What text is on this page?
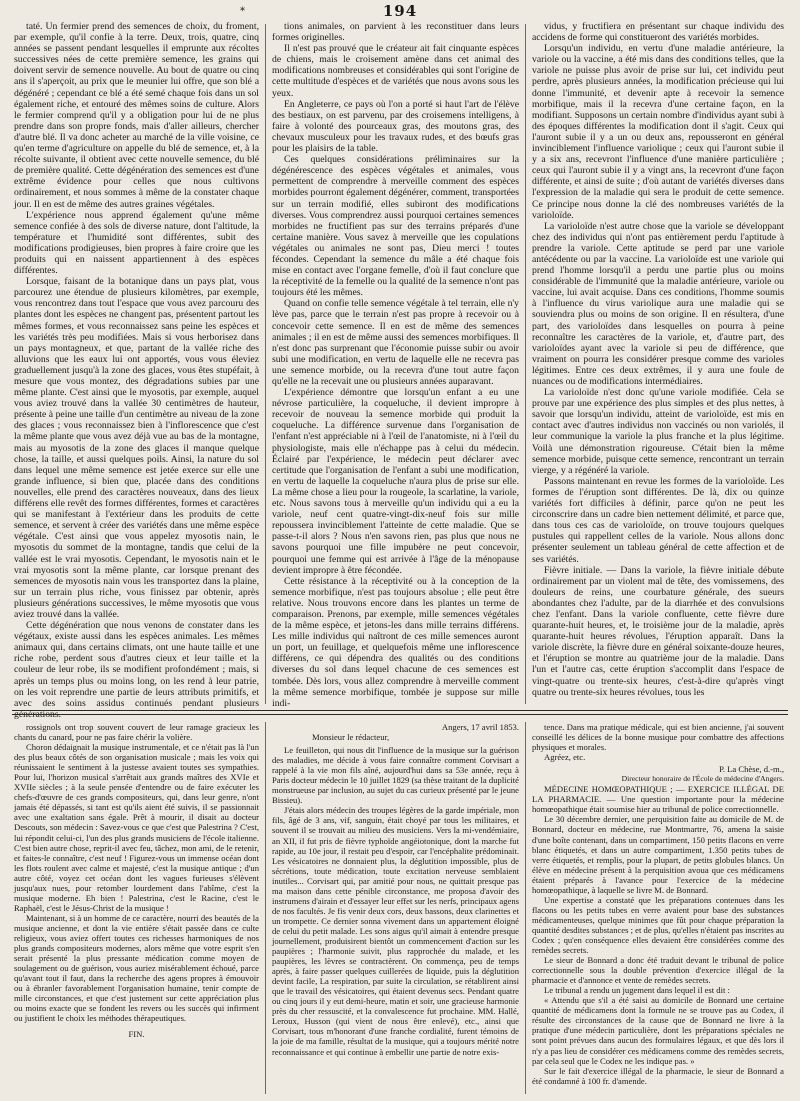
194
*

taté. Un fermier prend des semences de choix, du froment, par exemple, qu'il confie à la terre. Deux, trois, quatre, cinq années se passent pendant lesquelles il emprunte aux récoltes successives nées de cette première semence, les grains qui doivent servir de semence nouvelle. Au bout de quatre ou cinq ans il s'aperçoit, au prix que le meunier lui offre, que son blé a dégénéré ; cependant ce blé a été semé chaque fois dans un sol également riche, et entouré des mêmes soins de culture. Alors le fermier comprend qu'il y a obligation pour lui de ne plus prendre dans son propre fonds, mais d'aller ailleurs, chercher d'autre blé. Il va donc acheter au marché de la ville voisine, ce qu'en terme d'agriculture on appelle du blé de semence, et, à la récolte suivante, il obtient avec cette nouvelle semence, du blé de première qualité. Cette dégénération des semences est d'une extrême évidence pour celles que nous cultivons ordinairement, et nous sommes à même de la constater chaque jour. Il en est de même des autres graines végétales.

L'expérience nous apprend également qu'une même semence confiée à des sols de diverse nature, dont l'altitude, la température et l'humidité sont différentes, subit des modifications prodigieuses, bien propres à faire croire que les produits qui en naissent appartiennent à des espèces différentes.

Lorsque, faisant de la botanique dans un pays plat, vous parcourez une étendue de plusieurs kilomètres, par exemple, vous rencontrez dans tout l'espace que vous avez parcouru des plantes dont les espèces ne changent pas, présentent partout les mêmes formes, et vous reconnaissez sans peine les espèces et les variétés très peu modifiées. Mais si vous herborisez dans un pays montagneux, et que, partant de la vallée riche des alluvions que les eaux lui ont apportés, vous vous éleviez graduellement jusqu'à la zone des glaces, vous êtes stupéfait, à mesure que vous montez, des dégradations subies par une même plante. C'est ainsi que le myosotis, par exemple, auquel vous aviez trouvé dans la vallée 30 centimètres de hauteur, présente à peine une taille d'un centimètre au niveau de la zone des glaces ; vous reconnaissez bien à l'inflorescence que c'est la même plante que vous avez déjà vue au bas de la montagne, mais au myosotis de la zone des glaces il manque quelque chose, la taille, et aussi quelques poils. Ainsi, la nature du sol dans lequel une même semence est jetée exerce sur elle une grande influence, si bien que, placée dans des conditions nouvelles, elle prend des caractères nouveaux, dans des lieux différens elle revêt des formes différentes, formes et caractères qui se manifestant à l'extérieur dans les produits de cette semence, et servent à créer des variétés dans une même espèce végétale. C'est ainsi que vous appelez myosotis nain, le myosotis du sommet de la montagne, tandis que celui de la vallée est le vrai myosotis. Cependant, le myosotis nain et le vrai myosotis sont la même plante, car lorsque prenant des semences de myosotis nain vous les transportez dans la plaine, sur un terrain plus riche, vous finissez par obtenir, après plusieurs générations successives, le même myosotis que vous aviez trouvé dans la vallée.

Cette dégénération que nous venons de constater dans les végétaux, existe aussi dans les espèces animales. Les mêmes animaux qui, dans certains climats, ont une haute taille et une riche robe, perdent sous d'autres cieux et leur taille et la couleur de leur robe, ils se modifient profondément ; mais, si après un temps plus ou moins long, on les rend à leur patrie, on les voit reprendre une partie de leurs attributs primitifs, et avec des soins assidus continués pendant plusieurs générations.

tions animales, on parvient à les reconstituer dans leurs formes originelles.

Il n'est pas prouvé que le créateur ait fait cinquante espèces de chiens, mais le croisement amène dans cet animal des modifications nombreuses et considérables qui sont l'origine de cette multitude d'espèces et de variétés que nous avons sous les yeux.

En Angleterre, ce pays où l'on a porté si haut l'art de l'élève des bestiaux, on est parvenu, par des croisemens intelligens, à faire à volonté des pourceaux gras, des moutons gras, des chevaux musculeux pour les travaux rudes, et des bœufs gras pour les plaisirs de la table.

Ces quelques considérations préliminaires sur la dégénérescence des espèces végétales et animales, vous permettent de comprendre à merveille comment des espèces morbides pourront également dégénérer, comment, transportées sur un terrain modifié, elles subiront des modifications diverses. Vous comprendrez aussi pourquoi certaines semences morbides ne fructifient pas sur des terrains préparés d'une certaine manière. Vous savez à merveille que les copulations végétales ou animales ne sont pas, Dieu merci ! toutes fécondes. Cependant la semence du mâle a été chaque fois mise en contact avec l'organe femelle, d'où il faut conclure que la réceptivité de la femelle ou la qualité de la semence n'ont pas toujours été les mêmes.

Quand on confie telle semence végétale à tel terrain, elle n'y lève pas, parce que le terrain n'est pas propre à recevoir ou à concevoir cette semence. Il en est de même des semences animales ; il en est de même aussi des semences morbifiques. Il n'est donc pas surprenant que l'économie puisse subir ou avoir subi une modification, en vertu de laquelle elle ne recevra pas une semence morbide, ou la recevra d'une tout autre façon qu'elle ne la recevait une ou plusieurs années auparavant.

L'expérience démontre que lorsqu'un enfant a eu une névrose particulière, la coqueluche, il devient impropre à recevoir de nouveau la semence morbide qui produit la coqueluche. La différence survenue dans l'organisation de l'enfant n'est appréciable ni à l'œil de l'anatomiste, ni à l'œil du physiologiste, mais elle n'échappe pas à celui du médecin. Éclairé par l'expérience, le médecin peut déclarer avec certitude que l'organisation de l'enfant a subi une modification, en vertu de laquelle la coqueluche n'aura plus de prise sur elle. La même chose a lieu pour la rougeole, la scarlatine, la variole, etc. Nous savons tous à merveille qu'un individu qui a eu la variole, neuf cent quatre-vingt-dix-neuf fois sur mille repoussera invinciblement l'atteinte de cette maladie. Que se passe-t-il alors ? Nous n'en savons rien, pas plus que nous ne savons pourquoi une fille impubère ne peut concevoir, pourquoi une femme qui est arrivée à l'âge de la ménopause devient impropre à être fécondée.

Cette résistance à la réceptivité ou à la conception de la semence morbifique, n'est pas toujours absolue ; elle peut être relative. Nous trouvons encore dans les plantes un terme de comparaison. Prenons, par exemple, mille semences végétales de la même espèce, et jetons-les dans mille terrains différens. Les mille individus qui naîtront de ces mille semences auront un port, un feuillage, et quelquefois même une inflorescence différens, ce qui dépendra des qualités ou des conditions diverses du sol dans lequel chacune de ces semences est tombée. Dès lors, vous allez comprendre à merveille comment la même semence morbifique, tombée je suppose sur mille indi-

vidus, y fructifiera en présentant sur chaque individu des accidens de forme qui constitueront des variétés morbides.

Lorsqu'un individu, en vertu d'une maladie antérieure, la variole ou la vaccine, a été mis dans des conditions telles, que la variole ne puisse plus avoir de prise sur lui, cet individu peut perdre, après plusieurs années, la modification précieuse qui lui donne l'immunité, et devenir apte à recevoir la semence morbifique, mais il la recevra d'une certaine façon, en la modifiant. Supposons un certain nombre d'individus ayant subi à des époques différentes la modification dont il s'agit. Ceux qui l'auront subie il y a un ou deux ans, repousseront en général invinciblement l'influence variolique ; ceux qui l'auront subie il y a six ans, recevront l'influence d'une manière particulière ; ceux qui l'auront subie il y a vingt ans, la recevront d'une façon différente, et ainsi de suite ; d'où autant de variétés diverses dans l'expression de la maladie qui sera le produit de cette semence. Ce principe nous donne la clé des nombreuses variétés de la varioloïde.

La varioloïde n'est autre chose que la variole se développant chez des individus qui n'ont pas entièrement perdu l'aptitude à prendre la variole. Cette aptitude se perd par une variole antécédente ou par la vaccine. La varioloïde est une variole qui prend l'homme lorsqu'il a perdu une partie plus ou moins considérable de l'immunité que la maladie antérieure, variole ou vaccine, lui avait acquise. Dans ces conditions, l'homme soumis à l'influence du virus variolique aura une maladie qui se souviendra plus ou moins de son origine. Il en résultera, d'une part, des varioloïdes dans lesquelles on pourra à peine reconnaître les caractères de la variole, et, d'autre part, des varioloïdes ayant avec la variole si peu de différence, que vraiment on pourra les considérer presque comme des varioles légitimes. Entre ces deux extrêmes, il y aura une foule de nuances ou de modifications intermédiaires.

La varioloïde n'est donc qu'une variole modifiée. Cela se prouve par une expérience des plus simples et des plus nettes, à savoir que lorsqu'un individu, atteint de varioloïde, est mis en contact avec d'autres individus non vaccinés ou non variolés, il leur communique la variole la plus franche et la plus légitime. Voilà une démonstration rigoureuse. C'était bien la même semence morbide, puisque cette semence, rencontrant un terrain vierge, y a régénéré la variole.

Passons maintenant en revue les formes de la varioloïde. Les formes de l'éruption sont différentes. De là, dix ou quinze variétés fort difficiles à définir, parce qu'on ne peut les circonscrire dans un cadre bien nettement délimité, et parce que, dans tous ces cas de varioloïde, on trouve toujours quelques pustules qui rappellent celles de la variole. Nous allons donc présenter seulement un tableau général de cette affection et de ses variétés.

Fièvre initiale. — Dans la variole, la fièvre initiale débute ordinairement par un violent mal de tête, des vomissemens, des douleurs de reins, une courbature générale, des sueurs abondantes chez l'adulte, par de la diarrhée et des convulsions chez l'enfant. Dans la variole confluente, cette fièvre dure quarante-huit heures, et, le troisième jour de la maladie, après quarante-huit heures révolues, l'éruption apparaît. Dans la variole discrète, la fièvre dure en général soixante-douze heures, et l'éruption se montre au quatrième jour de la maladie. Dans l'un et l'autre cas, cette éruption s'accomplit dans l'espace de vingt-quatre ou trente-six heures, c'est-à-dire qu'après vingt quatre ou trente-six heures révolues, tous les

rossignols ont trop souvent couvert de leur ramage gracieux les chants du canard, pour ne pas faire chérir la volière.

Choron dédaignait la musique instrumentale, et ce n'était pas là l'un des plus beaux côtés de son organisation musicale ; mais les voix qui réunissaient le sentiment à la justesse avaient toutes ses sympathies. Pour lui, l'horizon musical s'arrêtait aux grands maîtres des XVIe et XVIIe siècles ; à la seule pensée d'entendre ou de faire exécuter les chefs-d'œuvre de ces grands compositeurs, qui, dans leur genre, n'ont jamais été dépassés, si tant est qu'ils aient été suivis, il se passionnait avec une exaltation sans égale. Prêt à mourir, il disait au docteur Descouts, son médecin : Savez-vous ce que c'est que Palestrina ? C'est, lui répondit celui-ci, l'un des plus grands musiciens de l'école italienne. C'est bien autre chose, reprit-il avec feu, tâchez, mon ami, de le retenir, et faites-le connaître, c'est neuf ! Figurez-vous un immense océan dont les flots roulent avec calme et majesté, c'est la musique antique ; d'un autre côté, voyez cet océan dont les vagues furieuses s'élèvent jusqu'aux nues, pour retomber lourdement dans l'abîme, c'est la musique moderne. Eh bien ! Palestrina, c'est le Racine, c'est le Raphaël, c'est le Jésus-Christ de la musique !

Maintenant, si à un homme de ce caractère, nourri des beautés de la musique ancienne, et dont la vie entière s'était passée dans ce culte religieux, vous aviez offert toutes ces richesses harmoniques de nos plus grands compositeurs modernes, alors même que votre esprit s'en serait présenté la plus pressante médication comme moyen de soulagement ou de guérison, vous auriez misérablement échoué, parce qu'avant tout il faut, dans la recherche des agens propres à émouvoir ou à ébranler favorablement l'organisation humaine, tenir compte de mille circonstances, et que c'est justement sur cette appréciation plus ou moins exacte que se fondent les revers ou les succès qui infirment ou justifient le choix les méthodes thérapeutiques.

FIN.

Angers, 17 avril 1853.

Monsieur le rédacteur,

Le feuilleton, qui nous dit l'influence de la musique sur la guérison des maladies, me décide à vous faire connaître comment Corvisart a rappelé à la vie mon fils aîné, aujourd'hui dans sa 53e année, reçu à Paris docteur médecin le 10 juillet 1829 (sa thèse traitant de la duplicité monstrueuse par inclusion, au sujet du cas curieux présenté par le jeune Bissieu).

J'étais alors médecin des troupes légères de la garde impériale, mon fils, âgé de 3 ans, vif, sanguin, était choyé par tous les militaires, et souvent il se trouvait au milieu des musiciens. Vers la mi-vendémiaire, an XII, il fut pris de fièvre typhoïde angéiotonique, dont la marche fut rapide, au 10e jour, il restait peu d'espoir, car l'encéphalite prédominait. Les vésicatoires ne donnaient plus, la déglutition impossible, plus de sécrétions, toute médication, toute excitation nerveuse semblaient inutiles... Corvisart qui, par amitié pour nous, ne quittait presque pas ma maison dans cette pénible circonstance, me proposa d'avoir des instrumens d'airain et d'essayer leur effet sur les nerfs, principaux agens de nos facultés. Je fis venir deux cors, deux bassons, deux clarinettes et un trompette. Ce dernier sonna vivement dans un appartement éloigné de celui du petit malade. Les sons aigus qu'il aimait à entendre presque journellement, produisirent bientôt un commencement d'action sur les paupières ; l'harmonie suivit, plus rapprochée du malade, et les paupières, les lèvres se contractèrent. On commença, peu de temps après, à faire passer quelques cuillerées de liquide, puis la déglutition devint facile, La respiration, par suite la circulation, se rétablirent ainsi que le travail des vésicatoires, qui étaient devenus secs. Pendant quatre ou cinq jours il y eut demi-heure, matin et soir, une gracieuse harmonie près du cher ressuscité, et la convalescence fut prochaine. MM. Hallé, Leroux, Husson (qui vient de nous être enlevé), etc., ainsi que Corvisart, tous m'honorant d'une franche cordialité, furent témoins de la joie de ma famille, résultat de la musique, qui a toujours mérité notre reconnaissance et qui continue à embellir une partie de notre exis-

tence. Dans ma pratique médicale, qui est bien ancienne, j'ai souvent conseillé les délices de la bonne musique pour combattre des affections physiques et morales.

Agréez, etc.

P. La Chèse, d.-m.,

Directeur honoraire de l'École de médecine d'Angers.

MÉDECINE HOMŒOPATHIQUE ; — EXERCICE ILLÉGAL DE LA PHARMACIE. — Une question importante pour la médecine homœopathique était soumise hier au tribunal de police correctionnelle.

Le 30 décembre dernier, une perquisition faite au domicile de M. de Bonnard, docteur en médecine, rue Montmartre, 76, amena la saisie d'une boîte contenant, dans un compartiment, 150 petits flacons en verre blanc étiquetés, et dans un autre compartiment, 1.350 petits tubes de verre étiquetés, et remplis, pour la plupart, de petits globules blancs. Un élève en médecine présent à la perquisition avoua que ces médicamens étaient préparés à l'avance pour l'exercice de la médecine homœopathique, à laquelle se livre M. de Bonnard.

Une expertise a constaté que les préparations contenues dans les flacons ou les petits tubes en verre avaient pour base des substances médicamenteuses, quelque minimes que fût pour chaque préparation la quantité desdites substances ; et de plus, qu'elles n'étaient pas inscrites au Codex ; qu'en conséquence elles devaient être considérées comme des remèdes secrets.

Le sieur de Bonnard a donc été traduit devant le tribunal de police correctionnelle sous la double prévention d'exercice illégal de la pharmacie et d'annonce et vente de remèdes secrets.

Le tribunal a rendu un jugement dans lequel il est dit :

« Attendu que s'il a été saisi au domicile de Bonnard une certaine quantité de médicamens dont la formule ne se trouve pas au Codex, il résulte des circonstances de la cause que de Bonnard ne livre à la pratique d'une médecin particulière, dont les préparations spéciales ne sont point prévues dans aucun des formulaires légaux, et que dès lors il n'y a pas lieu de considérer ces médicamens comme des remèdes secrets, par cela seul que le Codex ne les indique pas. »

Sur le fait d'exercice illégal de la pharmacie, le sieur de Bonnard a été condamné à 100 fr. d'amende.
